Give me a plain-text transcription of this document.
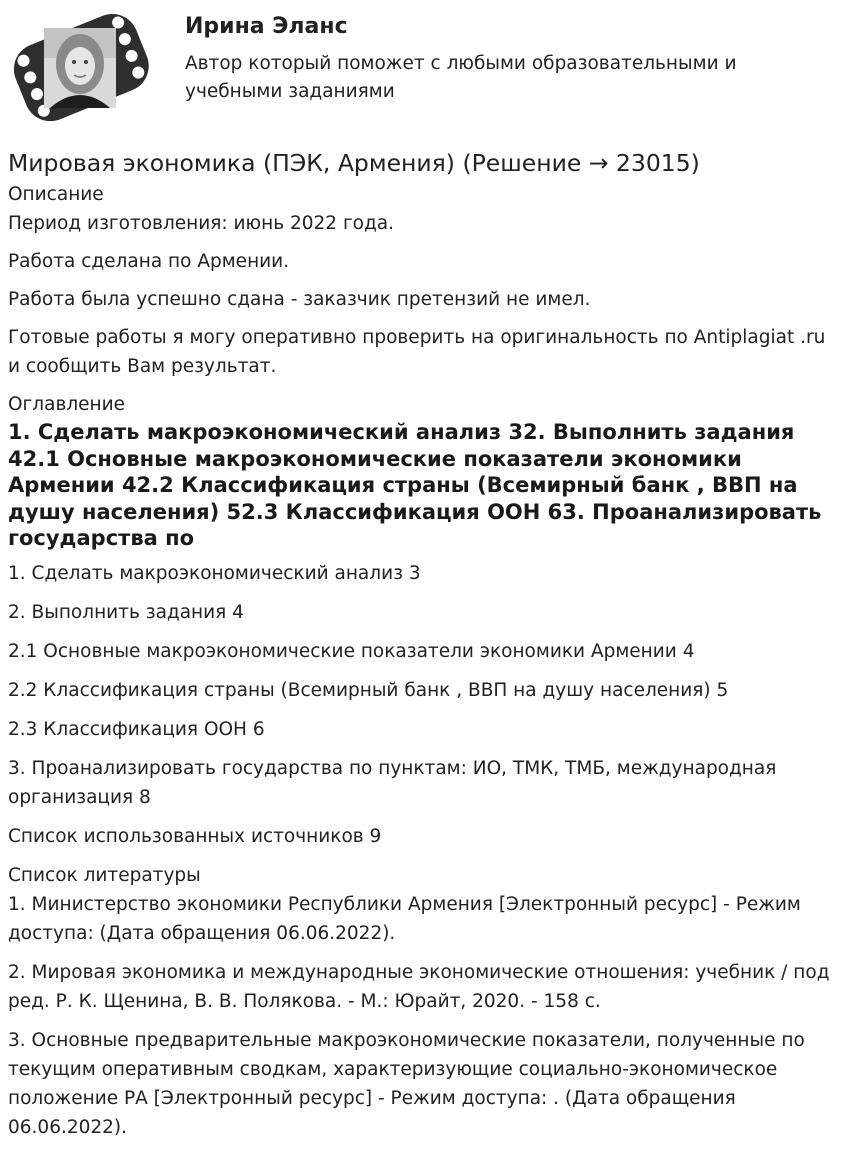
Ирина Эланс
Автор который поможет с любыми образовательными и учебными заданиями
Мировая экономика (ПЭК, Армения) (Решение → 23015)
Описание

Период изготовления: июнь 2022 года.

Работа сделана по Армении.

Работа была успешно сдана - заказчик претензий не имел.

Готовые работы я могу оперативно проверить на оригинальность по Antiplagiat .ru и сообщить Вам результат.

Оглавление
1. Сделать макроэкономический анализ 32. Выполнить задания 42.1 Основные макроэкономические показатели экономики Армении 42.2 Классификация страны (Всемирный банк , ВВП на душу населения) 52.3 Классификация ООН 63. Проанализировать государства по
1. Сделать макроэкономический анализ 3
2. Выполнить задания 4
2.1 Основные макроэкономические показатели экономики Армении 4
2.2 Классификация страны (Всемирный банк , ВВП на душу населения) 5
2.3 Классификация ООН 6
3. Проанализировать государства по пунктам: ИО, ТМК, ТМБ, международная организация 8
Список использованных источников 9
Список литературы
1. Министерство экономики Республики Армения [Электронный ресурс] - Режим доступа: (Дата обращения 06.06.2022).
2. Мировая экономика и международные экономические отношения: учебник / под ред. Р. К. Щенина, В. В. Полякова. - М.: Юрайт, 2020. - 158 с.
3. Основные предварительные макроэкономические показатели, полученные по текущим оперативным сводкам, характеризующие социально-экономическое положение РА [Электронный ресурс] - Режим доступа: . (Дата обращения 06.06.2022).
